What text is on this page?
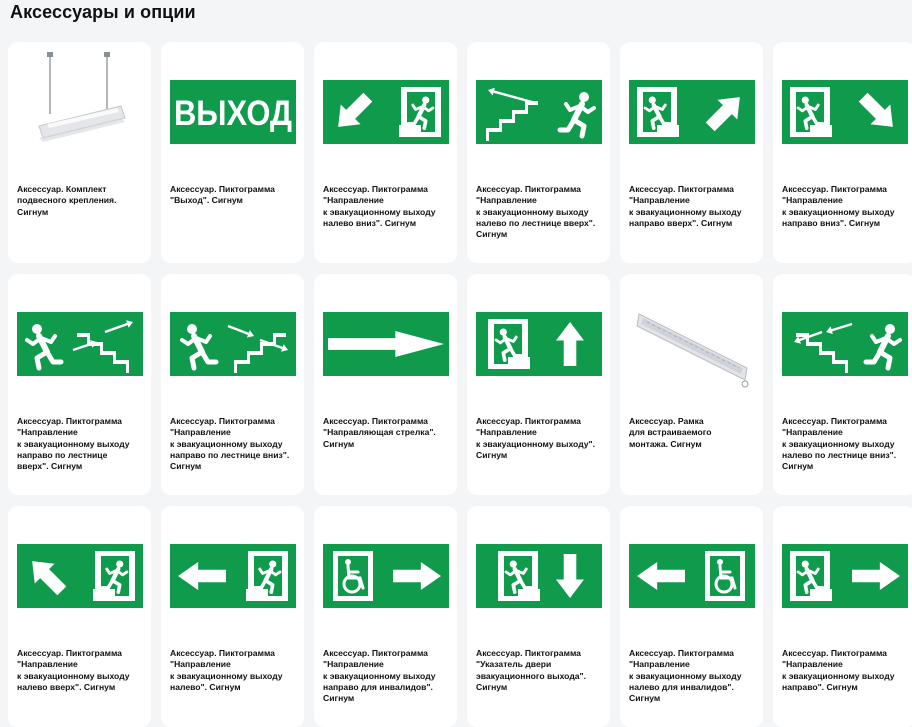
Аксессуары и опции
Аксессуар. Комплект
подвесного крепления.
Сигнум
ВЫХОД
Аксессуар. Пиктограмма
"Выход". Сигнум
Аксессуар. Пиктограмма
"Направление
к эвакуационному выходу
налево вниз". Сигнум
Аксессуар. Пиктограмма
"Направление
к эвакуационному выходу
налево по лестнице вверх".
Сигнум
Аксессуар. Пиктограмма
"Направление
к эвакуационному выходу
направо вверх". Сигнум
Аксессуар. Пиктограмма
"Направление
к эвакуационному выходу
направо вниз". Сигнум
Аксессуар. Пиктограмма
"Направление
к эвакуационному выходу
направо по лестнице
вверх". Сигнум
Аксессуар. Пиктограмма
"Направление
к эвакуационному выходу
направо по лестнице вниз".
Сигнум
Аксессуар. Пиктограмма
"Направляющая стрелка".
Сигнум
Аксессуар. Пиктограмма
"Направление
к эвакуационному выходу".
Сигнум
Аксессуар. Рамка
для встраиваемого
монтажа. Сигнум
Аксессуар. Пиктограмма
"Направление
к эвакуационному выходу
налево по лестнице вниз".
Сигнум
Аксессуар. Пиктограмма
"Направление
к эвакуационному выходу
налево вверх". Сигнум
Аксессуар. Пиктограмма
"Направление
к эвакуационному выходу
налево". Сигнум
Аксессуар. Пиктограмма
"Направление
к эвакуационному выходу
направо для инвалидов".
Сигнум
Аксессуар. Пиктограмма
"Указатель двери
эвакуационного выхода".
Сигнум
Аксессуар. Пиктограмма
"Направление
к эвакуационному выходу
налево для инвалидов".
Сигнум
Аксессуар. Пиктограмма
"Направление
к эвакуационному выходу
направо". Сигнум
